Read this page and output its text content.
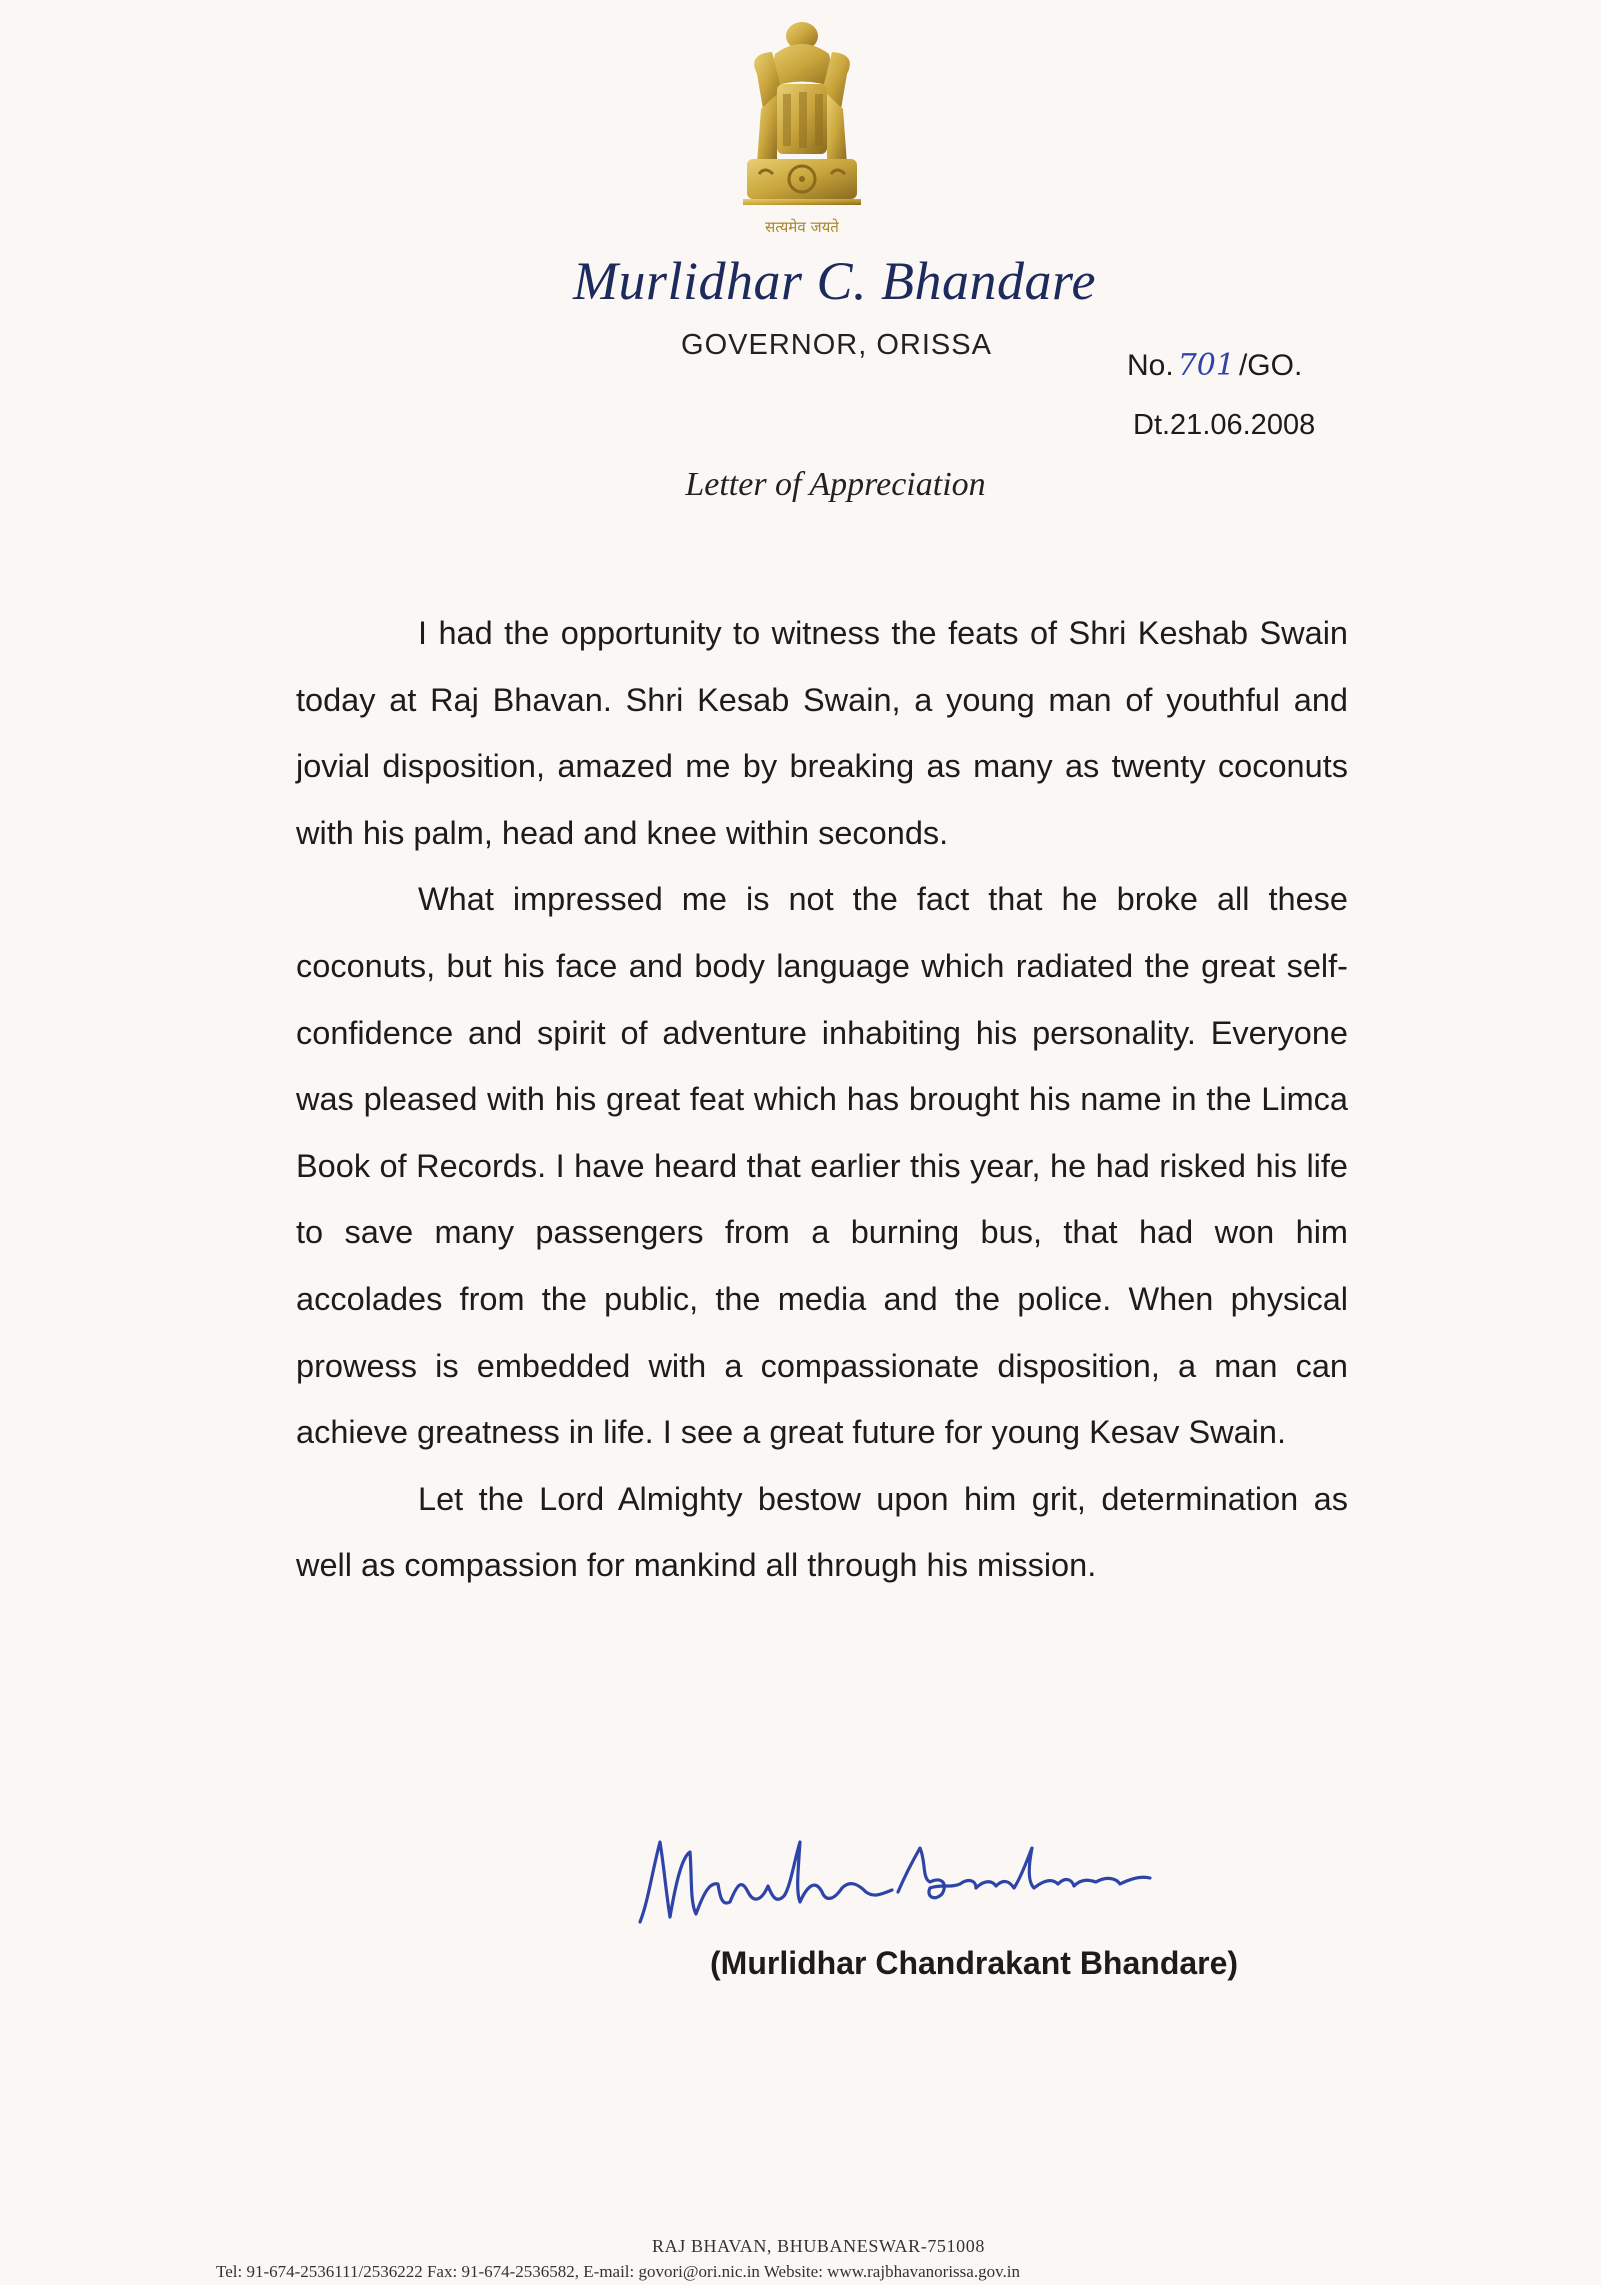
सत्यमेव जयते
Murlidhar C. Bhandare
GOVERNOR, ORISSA
No. 701 /GO.
Dt.21.06.2008
Letter of Appreciation

I had the opportunity to witness the feats of Shri Keshab Swain today at Raj Bhavan. Shri Kesab Swain, a young man of youthful and jovial disposition, amazed me by breaking as many as twenty coconuts with his palm, head and knee within seconds.

What impressed me is not the fact that he broke all these coconuts, but his face and body language which radiated the great self-confidence and spirit of adventure inhabiting his personality. Everyone was pleased with his great feat which has brought his name in the Limca Book of Records. I have heard that earlier this year, he had risked his life to save many passengers from a burning bus, that had won him accolades from the public, the media and the police. When physical prowess is embedded with a compassionate disposition, a man can achieve greatness in life. I see a great future for young Kesav Swain.

Let the Lord Almighty bestow upon him grit, determination as well as compassion for mankind all through his mission.

(Murlidhar Chandrakant Bhandare)
RAJ BHAVAN, BHUBANESWAR-751008
Tel: 91-674-2536111/2536222 Fax: 91-674-2536582, E-mail: govori@ori.nic.in Website: www.rajbhavanorissa.gov.in
